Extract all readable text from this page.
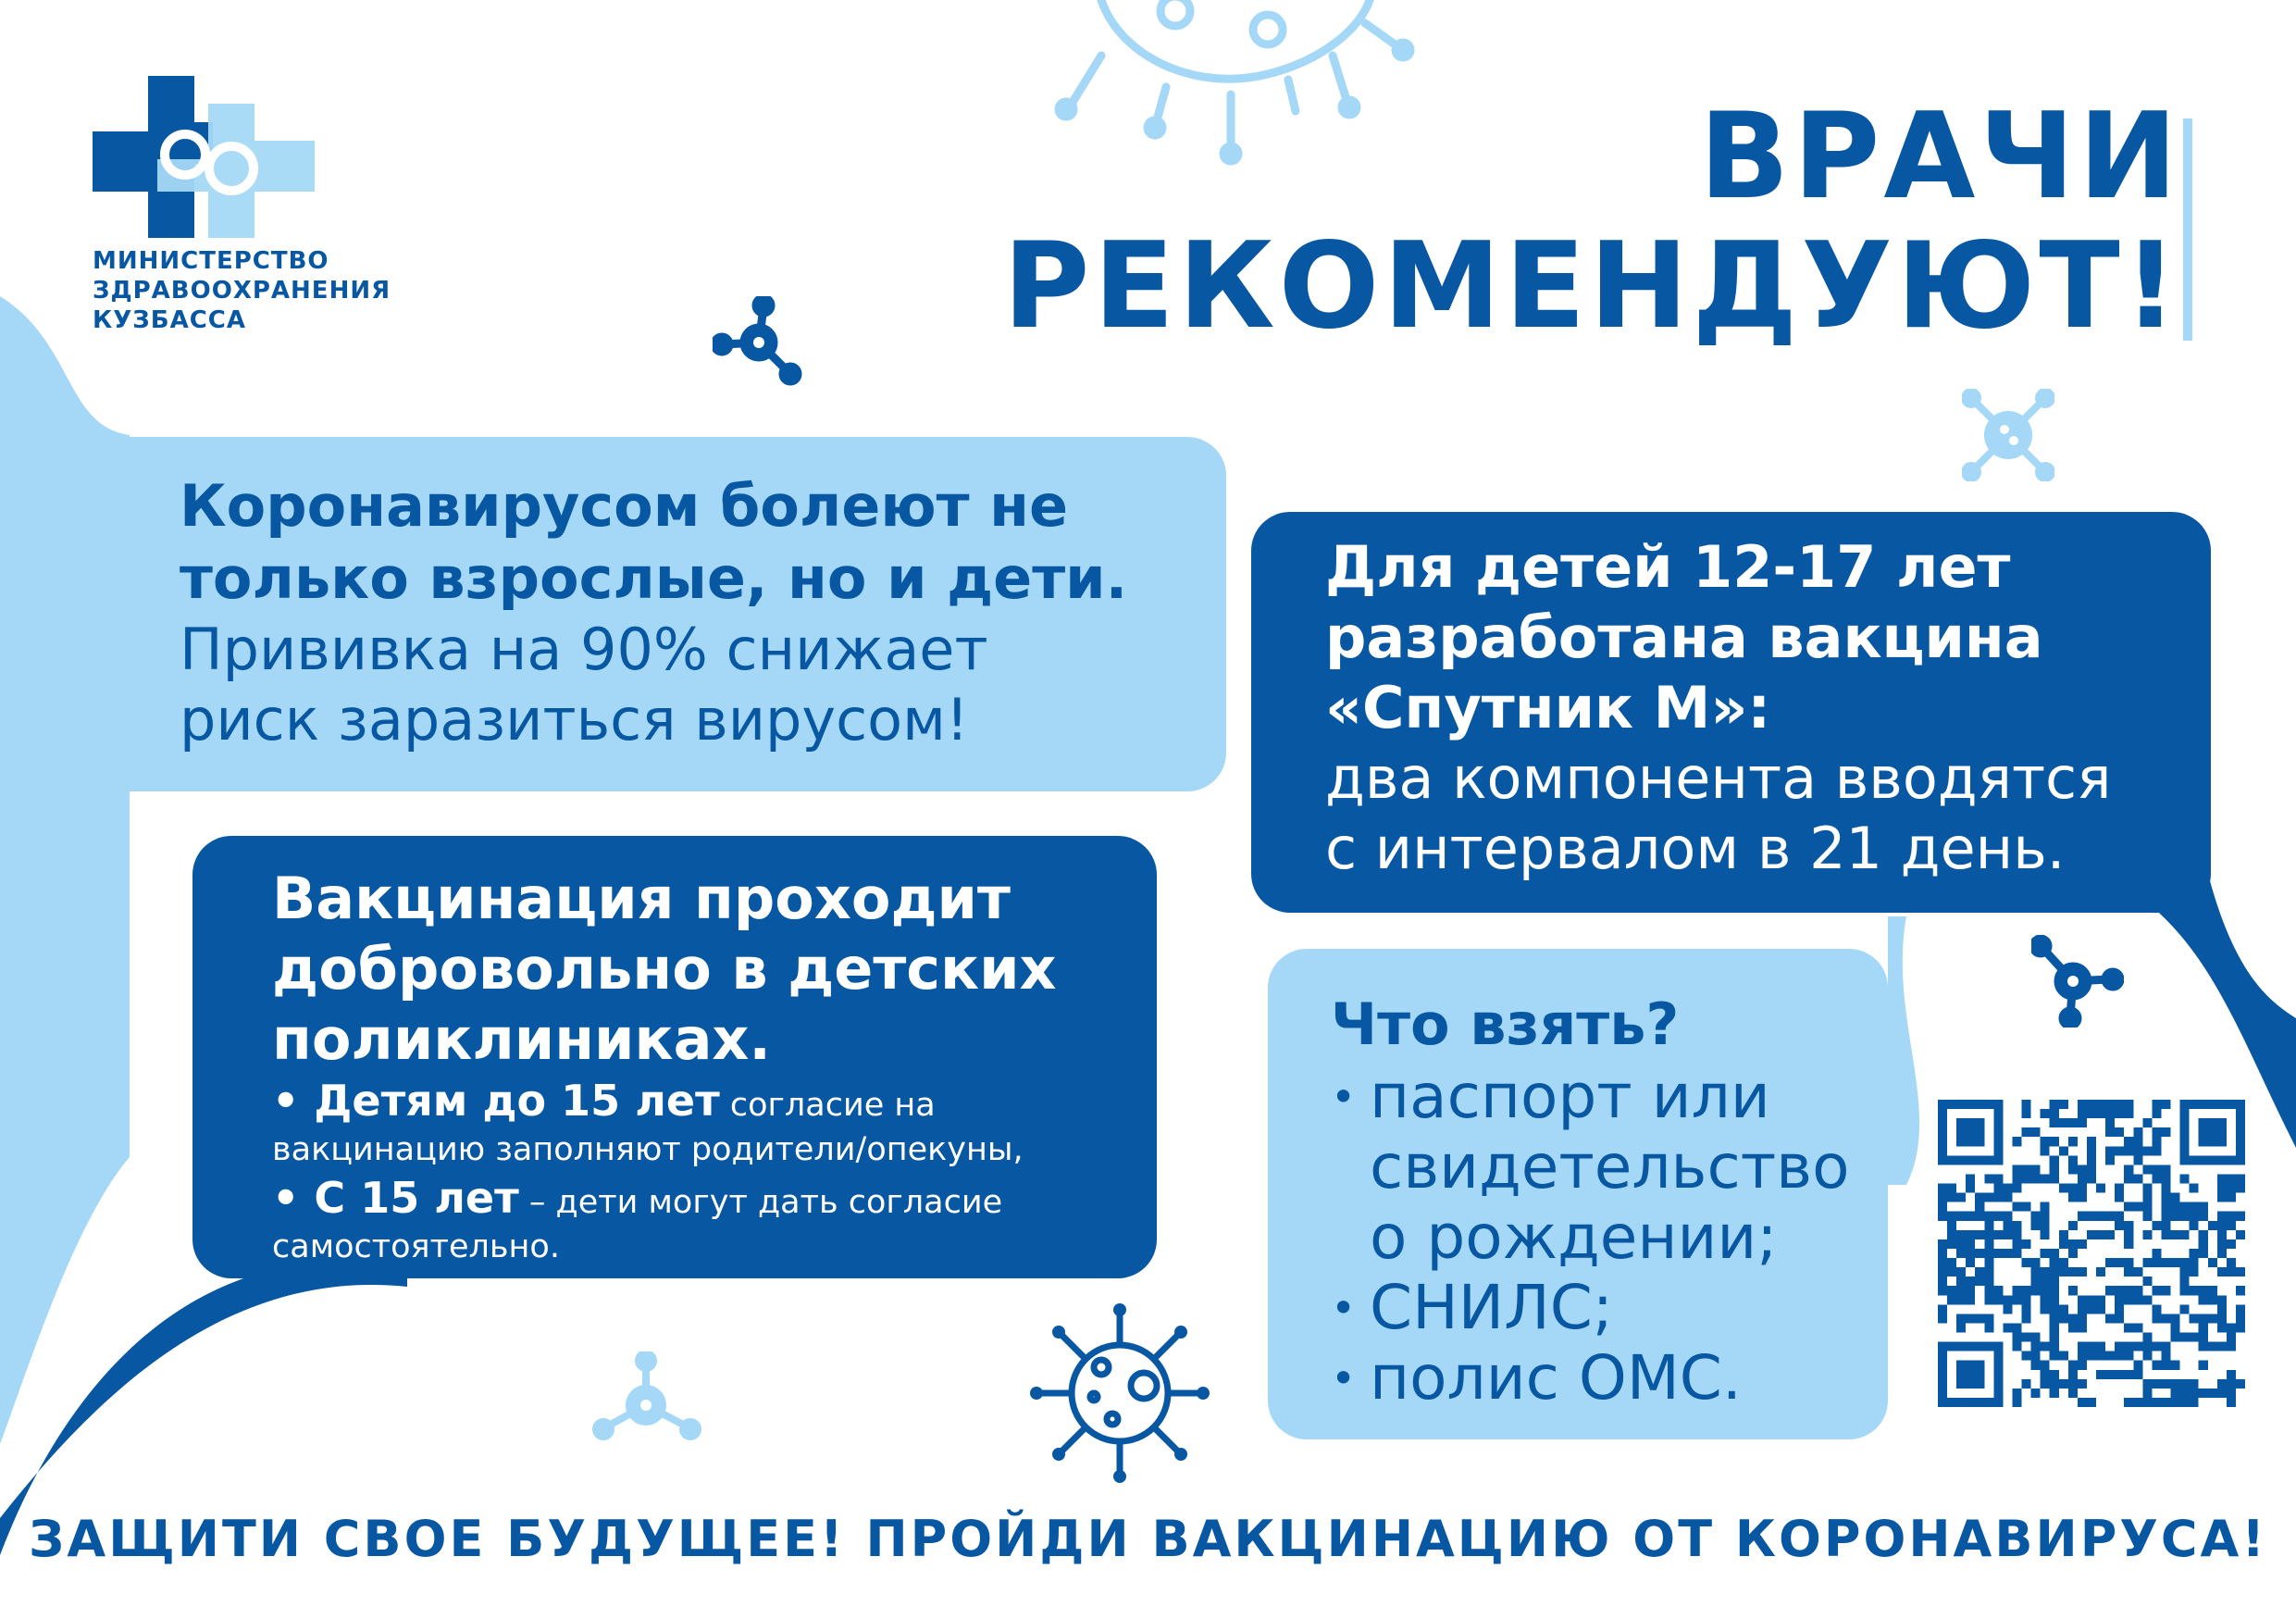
МИНИСТЕРСТВО
ЗДРАВООХРАНЕНИЯ
КУЗБАССА
ВРАЧИ
РЕКОМЕНДУЮТ!
Коронавирусом болеют не
только взрослые, но и дети.
Прививка на 90% снижает
риск заразиться вирусом!
Для детей 12-17 лет
разработана вакцина
«Спутник М»:
два компонента вводятся
с интервалом в 21 день.
Вакцинация проходит
добровольно в детских
поликлиниках.
• Детям до 15 лет согласие на
вакцинацию заполняют родители/опекуны,
• С 15 лет – дети могут дать согласие
самостоятельно.
Что взять?
• паспорт или
свидетельство
о рождении;
• СНИЛС;
• полис ОМС.
ЗАЩИТИ СВОЕ БУДУЩЕЕ! ПРОЙДИ ВАКЦИНАЦИЮ ОТ КОРОНАВИРУСА!
